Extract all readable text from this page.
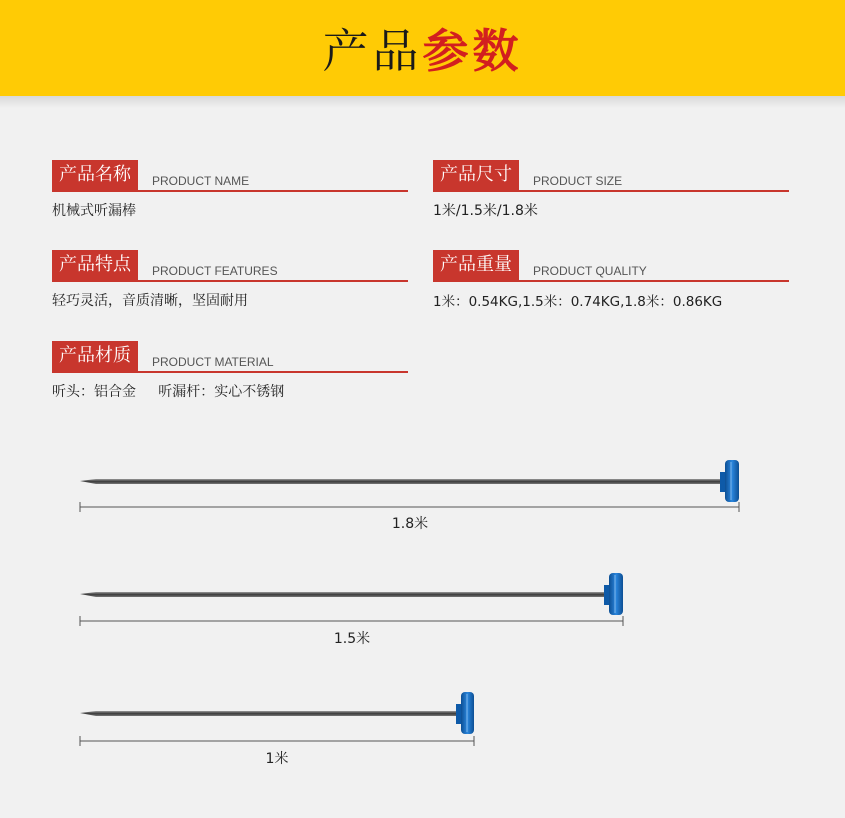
产品参数
产品名称	PRODUCT NAME
机械式听漏棒
产品特点	PRODUCT FEATURES
轻巧灵活，音质清晰，坚固耐用
产品材质	PRODUCT MATERIAL
听头：铝合金     听漏杆：实心不锈钢
产品尺寸	PRODUCT SIZE
1米/1.5米/1.8米
产品重量	PRODUCT QUALITY
1米：0.54KG,1.5米：0.74KG,1.8米：0.86KG
1.8米
1.5米
1米
